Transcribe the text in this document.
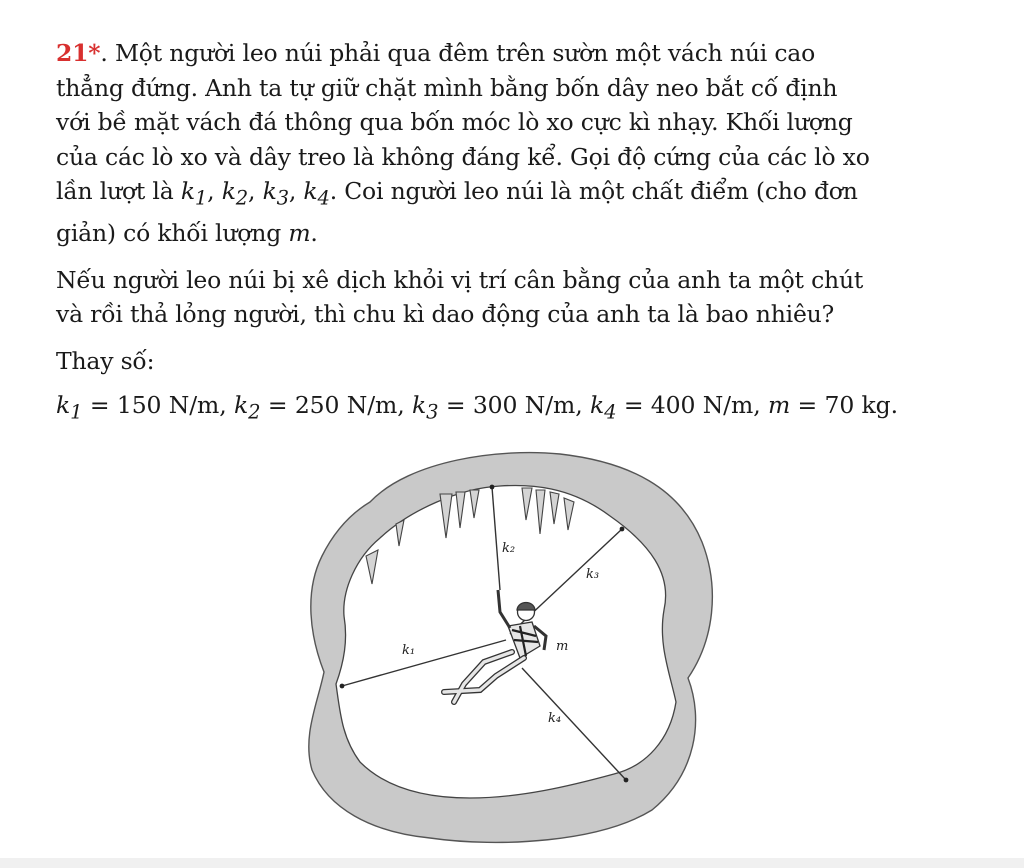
21*. Một người leo núi phải qua đêm trên sườn một vách núi cao
thẳng đứng. Anh ta tự giữ chặt mình bằng bốn dây neo bắt cố định
với bề mặt vách đá thông qua bốn móc lò xo cực kì nhạy. Khối lượng
của các lò xo và dây treo là không đáng kể. Gọi độ cứng của các lò xo
lần lượt là $k_1$, $k_2$, $k_3$, $k_4$. Coi người leo núi là một chất điểm (cho đơn
giản) có khối lượng m.

Nếu người leo núi bị xê dịch khỏi vị trí cân bằng của anh ta một chút
và rồi thả lỏng người, thì chu kì dao động của anh ta là bao nhiêu?

Thay số:

$k_1 = 150$ N/m, $k_2 = 250$ N/m, $k_3 = 300$ N/m, $k_4 = 400$ N/m, m = 70 kg.

k₂
k₃
k₁	m
k₄
